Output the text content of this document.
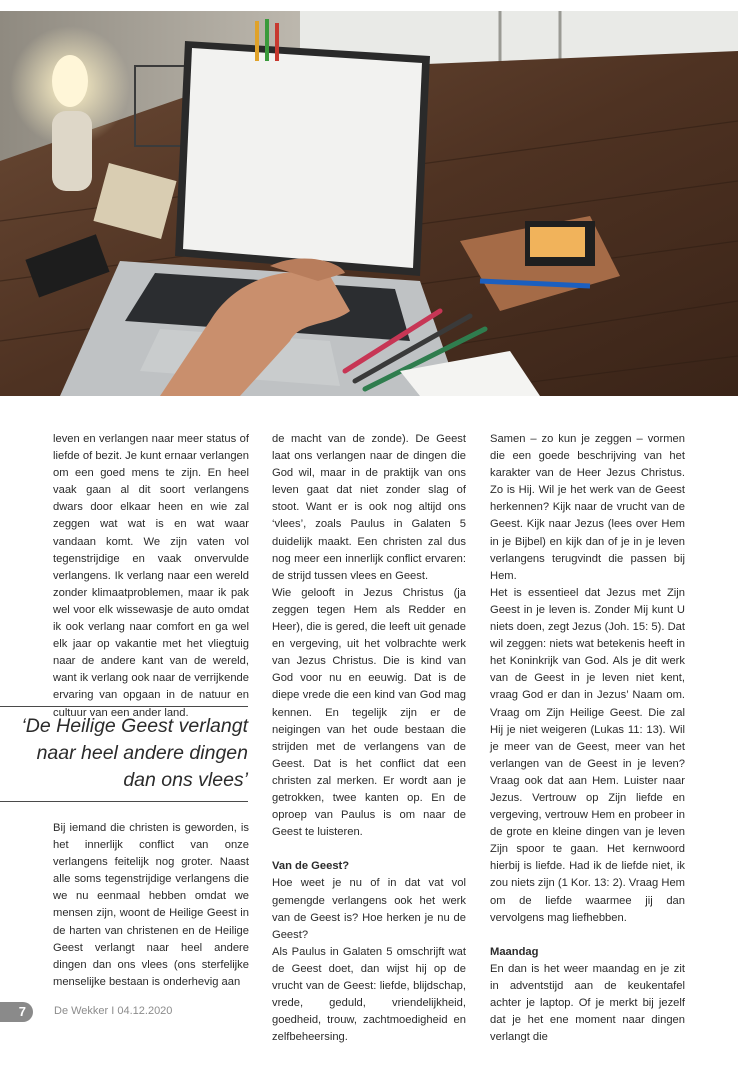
leven en verlangen naar meer status of liefde of bezit. Je kunt ernaar verlangen om een goed mens te zijn. En heel vaak gaan al dit soort verlangens dwars door elkaar heen en wie zal zeggen wat wat is en wat waar vandaan komt. We zijn vaten vol tegenstrijdige en vaak onvervulde verlangens. Ik verlang naar een wereld zonder klimaatproblemen, maar ik pak wel voor elk wissewasje de auto omdat ik ook verlang naar comfort en ga wel elk jaar op vakantie met het vliegtuig naar de andere kant van de wereld, want ik verlang ook naar de verrijkende ervaring van opgaan in de natuur en cultuur van een ander land.

‘De Heilige Geest verlangt naar heel andere dingen dan ons vlees’

Bij iemand die christen is geworden, is het innerlijk conflict van onze verlangens feitelijk nog groter. Naast alle soms tegenstrijdige verlangens die we nu eenmaal hebben omdat we mensen zijn, woont de Heilige Geest in de harten van christenen en de Heilige Geest verlangt naar heel andere dingen dan ons vlees (ons sterfelijke menselijke bestaan is onderhevig aan

de macht van de zonde). De Geest laat ons verlangen naar de dingen die God wil, maar in de praktijk van ons leven gaat dat niet zonder slag of stoot. Want er is ook nog altijd ons ‘vlees’, zoals Paulus in Galaten 5 duidelijk maakt. Een christen zal dus nog meer een innerlijk conflict ervaren: de strijd tussen vlees en Geest.

Wie gelooft in Jezus Christus (ja zeggen tegen Hem als Redder en Heer), die is gered, die leeft uit genade en vergeving, uit het volbrachte werk van Jezus Christus. Die is kind van God voor nu en eeuwig. Dat is de diepe vrede die een kind van God mag kennen. En tegelijk zijn er de neigingen van het oude bestaan die strijden met de verlangens van de Geest. Dat is het conflict dat een christen zal merken. Er wordt aan je getrokken, twee kanten op. En de oproep van Paulus is om naar de Geest te luisteren.

Van de Geest?

Hoe weet je nu of in dat vat vol gemengde verlangens ook het werk van de Geest is? Hoe herken je nu de Geest?

Als Paulus in Galaten 5 omschrijft wat de Geest doet, dan wijst hij op de vrucht van de Geest: liefde, blijdschap, vrede, geduld, vriendelijkheid, goedheid, trouw, zachtmoedigheid en zelfbeheersing.

Samen – zo kun je zeggen – vormen die een goede beschrijving van het karakter van de Heer Jezus Christus. Zo is Hij. Wil je het werk van de Geest herkennen? Kijk naar de vrucht van de Geest. Kijk naar Jezus (lees over Hem in je Bijbel) en kijk dan of je in je leven verlangens terugvindt die passen bij Hem.

Het is essentieel dat Jezus met Zijn Geest in je leven is. Zonder Mij kunt U niets doen, zegt Jezus (Joh. 15: 5). Dat wil zeggen: niets wat betekenis heeft in het Koninkrijk van God. Als je dit werk van de Geest in je leven niet kent, vraag God er dan in Jezus’ Naam om. Vraag om Zijn Heilige Geest. Die zal Hij je niet weigeren (Lukas 11: 13). Wil je meer van de Geest, meer van het verlangen van de Geest in je leven? Vraag ook dat aan Hem. Luister naar Jezus. Vertrouw op Zijn liefde en vergeving, vertrouw Hem en probeer in de grote en kleine dingen van je leven Zijn spoor te gaan. Het kernwoord hierbij is liefde. Had ik de liefde niet, ik zou niets zijn (1 Kor. 13: 2). Vraag Hem om de liefde waarmee jij dan vervolgens mag liefhebben.

Maandag

En dan is het weer maandag en je zit in adventstijd aan de keukentafel achter je laptop. Of je merkt bij jezelf dat je het ene moment naar dingen verlangt die

7	De Wekker I 04.12.2020
